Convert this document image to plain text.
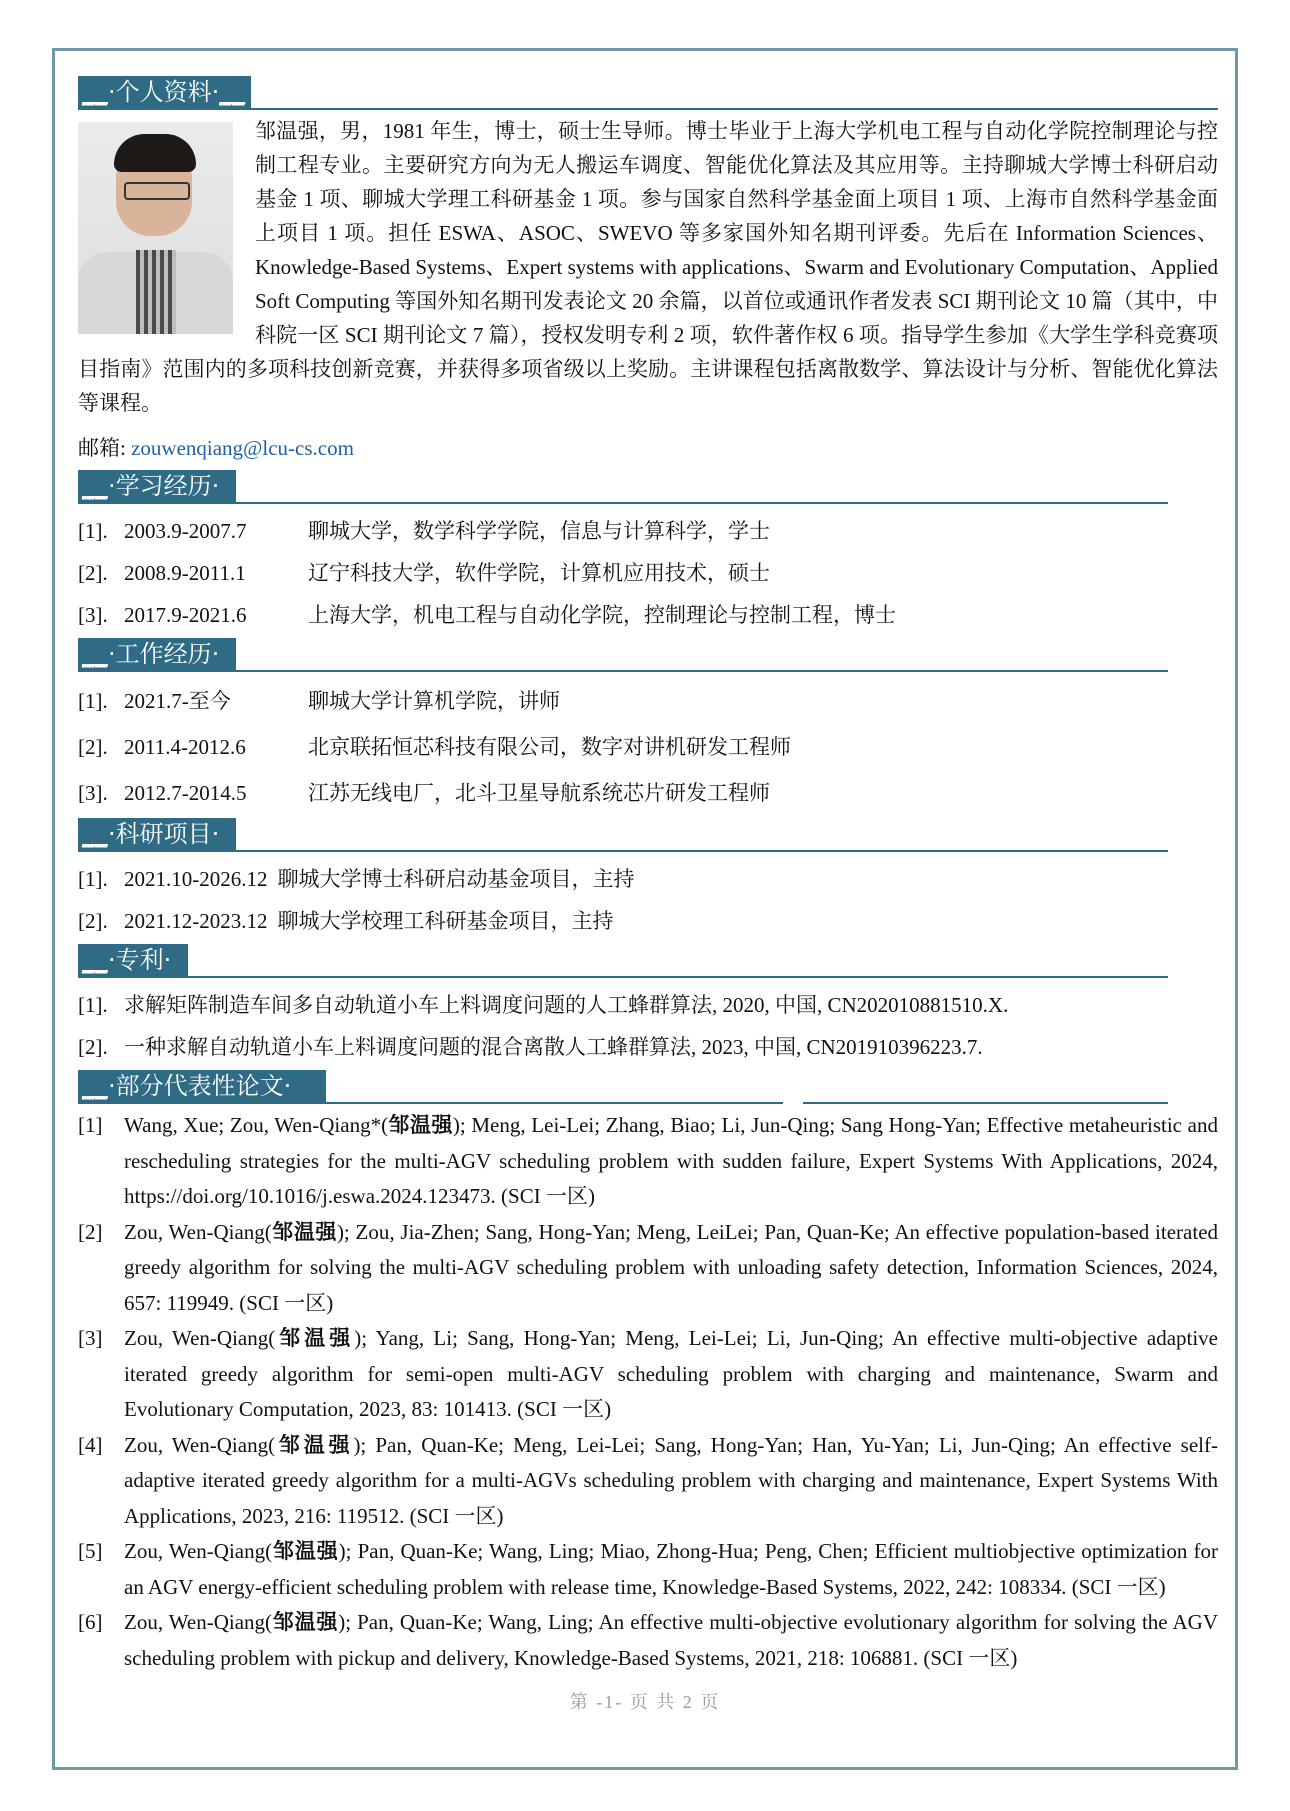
__·个人资料·__
邹温强，男，1981 年生，博士，硕士生导师。博士毕业于上海大学机电工程与自动化学院控制理论与控制工程专业。主要研究方向为无人搬运车调度、智能优化算法及其应用等。主持聊城大学博士科研启动基金 1 项、聊城大学理工科研基金 1 项。参与国家自然科学基金面上项目 1 项、上海市自然科学基金面上项目 1 项。担任 ESWA、ASOC、SWEVO 等多家国外知名期刊评委。先后在 Information Sciences、Knowledge-Based Systems、Expert systems with applications、Swarm and Evolutionary Computation、Applied Soft Computing 等国外知名期刊发表论文 20 余篇，以首位或通讯作者发表 SCI 期刊论文 10 篇（其中，中科院一区 SCI 期刊论文 7 篇），授权发明专利 2 项，软件著作权 6 项。指导学生参加《大学生学科竞赛项目指南》范围内的多项科技创新竞赛，并获得多项省级以上奖励。主讲课程包括离散数学、算法设计与分析、智能优化算法等课程。
邮箱: zouwenqiang@lcu-cs.com
__·学习经历·
[1]. 2003.9-2007.7	聊城大学，数学科学学院，信息与计算科学，学士
[2]. 2008.9-2011.1	辽宁科技大学，软件学院，计算机应用技术，硕士
[3]. 2017.9-2021.6	上海大学，机电工程与自动化学院，控制理论与控制工程，博士
__·工作经历·
[1]. 2021.7-至今	聊城大学计算机学院，讲师
[2]. 2011.4-2012.6	北京联拓恒芯科技有限公司，数字对讲机研发工程师
[3]. 2012.7-2014.5	江苏无线电厂，北斗卫星导航系统芯片研发工程师
__·科研项目·
[1]. 2021.10-2026.12 聊城大学博士科研启动基金项目，主持
[2]. 2021.12-2023.12 聊城大学校理工科研基金项目，主持
__·专利·
[1]. 求解矩阵制造车间多自动轨道小车上料调度问题的人工蜂群算法, 2020, 中国, CN202010881510.X.
[2]. 一种求解自动轨道小车上料调度问题的混合离散人工蜂群算法, 2023, 中国, CN201910396223.7.
__·部分代表性论文·
[1]	Wang, Xue; Zou, Wen-Qiang*(邹温强); Meng, Lei-Lei; Zhang, Biao; Li, Jun-Qing; Sang Hong-Yan; Effective metaheuristic and rescheduling strategies for the multi-AGV scheduling problem with sudden failure, Expert Systems With Applications, 2024, https://doi.org/10.1016/j.eswa.2024.123473. (SCI 一区)
[2]	Zou, Wen-Qiang(邹温强); Zou, Jia-Zhen; Sang, Hong-Yan; Meng, LeiLei; Pan, Quan-Ke; An effective population-based iterated greedy algorithm for solving the multi-AGV scheduling problem with unloading safety detection, Information Sciences, 2024, 657: 119949. (SCI 一区)
[3]	Zou, Wen-Qiang(邹温强); Yang, Li; Sang, Hong-Yan; Meng, Lei-Lei; Li, Jun-Qing; An effective multi-objective adaptive iterated greedy algorithm for semi-open multi-AGV scheduling problem with charging and maintenance, Swarm and Evolutionary Computation, 2023, 83: 101413. (SCI 一区)
[4]	Zou, Wen-Qiang(邹温强); Pan, Quan-Ke; Meng, Lei-Lei; Sang, Hong-Yan; Han, Yu-Yan; Li, Jun-Qing; An effective self-adaptive iterated greedy algorithm for a multi-AGVs scheduling problem with charging and maintenance, Expert Systems With Applications, 2023, 216: 119512. (SCI 一区)
[5]	Zou, Wen-Qiang(邹温强); Pan, Quan-Ke; Wang, Ling; Miao, Zhong-Hua; Peng, Chen; Efficient multiobjective optimization for an AGV energy-efficient scheduling problem with release time, Knowledge-Based Systems, 2022, 242: 108334. (SCI 一区)
[6]	Zou, Wen-Qiang(邹温强); Pan, Quan-Ke; Wang, Ling; An effective multi-objective evolutionary algorithm for solving the AGV scheduling problem with pickup and delivery, Knowledge-Based Systems, 2021, 218: 106881. (SCI 一区)
第 -1- 页 共 2 页
